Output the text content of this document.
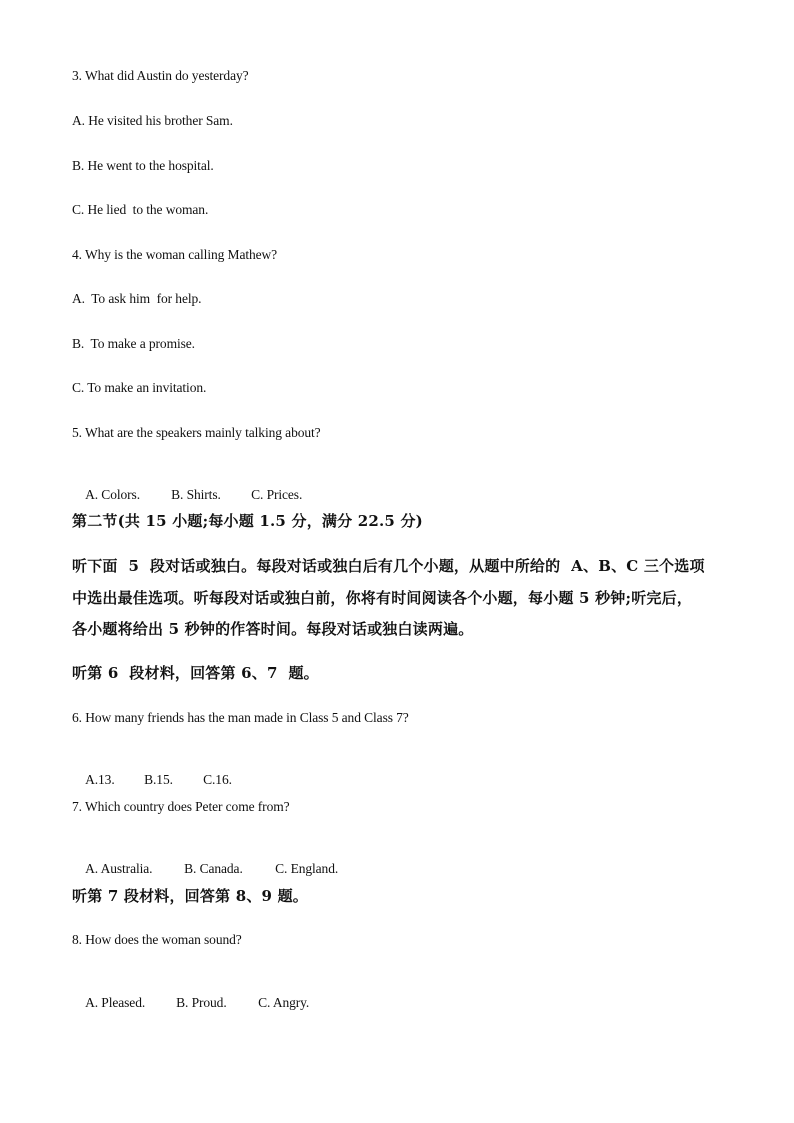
3. What did Austin do yesterday?
A. He visited his brother Sam.
B. He went to the hospital.
C. He lied  to the woman.
4. Why is the woman calling Mathew?
A.  To ask him  for help.
B.  To make a promise.
C. To make an invitation.
5. What are the speakers mainly talking about?

A. Colors. B. Shirts. C. Prices.

第二节(共 15 小题;每小题 1.5 分，满分 22.5 分)
听下面  5  段对话或独白。每段对话或独白后有几个小题，从题中所给的  A、B、C 三个选项
中选出最佳选项。听每段对话或独白前，你将有时间阅读各个小题，每小题 5 秒钟;听完后，
各小题将给出 5 秒钟的作答时间。每段对话或独白读两遍。
听第 6  段材料，回答第 6、7  题。
6. How many friends has the man made in Class 5 and Class 7?

A.13. B.15. C.16.

7. Which country does Peter come from?

A. Australia. B. Canada. C. England.

听第 7 段材料，回答第 8、9 题。
8. How does the woman sound?

A. Pleased. B. Proud. C. Angry.
